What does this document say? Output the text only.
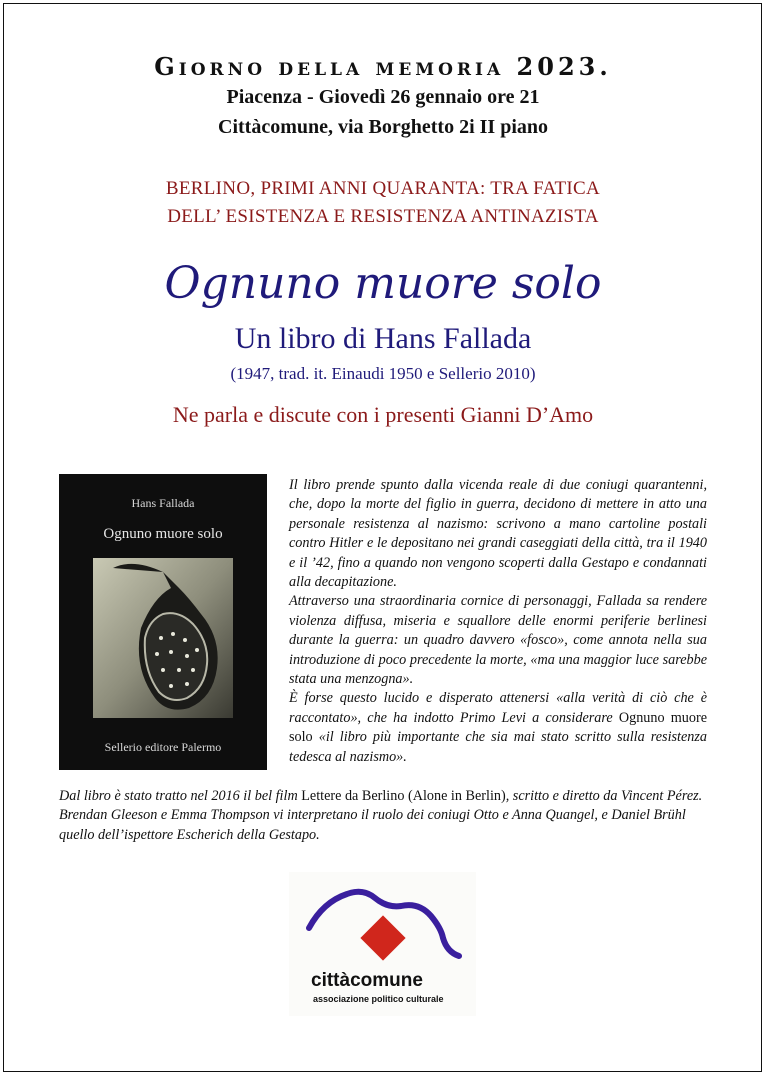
Giorno della memoria 2023.
Piacenza - Giovedì 26 gennaio ore 21
Cittàcomune, via Borghetto 2i II piano
BERLINO, PRIMI ANNI QUARANTA: TRA FATICA
DELL’ ESISTENZA E RESISTENZA ANTINAZISTA
Ognuno muore solo
Un libro di Hans Fallada
(1947, trad. it. Einaudi 1950 e Sellerio 2010)
Ne parla e discute con i presenti Gianni D’Amo
Hans Fallada
Ognuno muore solo
Sellerio editore Palermo

Il libro prende spunto dalla vicenda reale di due coniugi quarantenni, che, dopo la morte del figlio in guerra, decidono di mettere in atto una personale resistenza al nazismo: scrivono a mano cartoline postali contro Hitler e le depositano nei grandi caseggiati della città, tra il 1940 e il ’42, fino a quando non vengono scoperti dalla Gestapo e condannati alla decapitazione.
Attraverso una straordinaria cornice di personaggi, Fallada sa rendere violenza diffusa, miseria e squallore delle enormi periferie berlinesi durante la guerra: un quadro davvero «fosco», come annota nella sua introduzione di poco precedente la morte, «ma una maggior luce sarebbe stata una menzogna».
È forse questo lucido e disperato attenersi «alla verità di ciò che è raccontato», che ha indotto Primo Levi a considerare Ognuno muore solo «il libro più importante che sia mai stato scritto sulla resistenza tedesca al nazismo».

Dal libro è stato tratto nel 2016 il bel film Lettere da Berlino (Alone in Berlin), scritto e diretto da Vincent Pérez. Brendan Gleeson e Emma Thompson vi interpretano il ruolo dei coniugi Otto e Anna Quangel, e Daniel Brühl quello dell’ispettore Escherich della Gestapo.

cittàcomune
associazione politico culturale
